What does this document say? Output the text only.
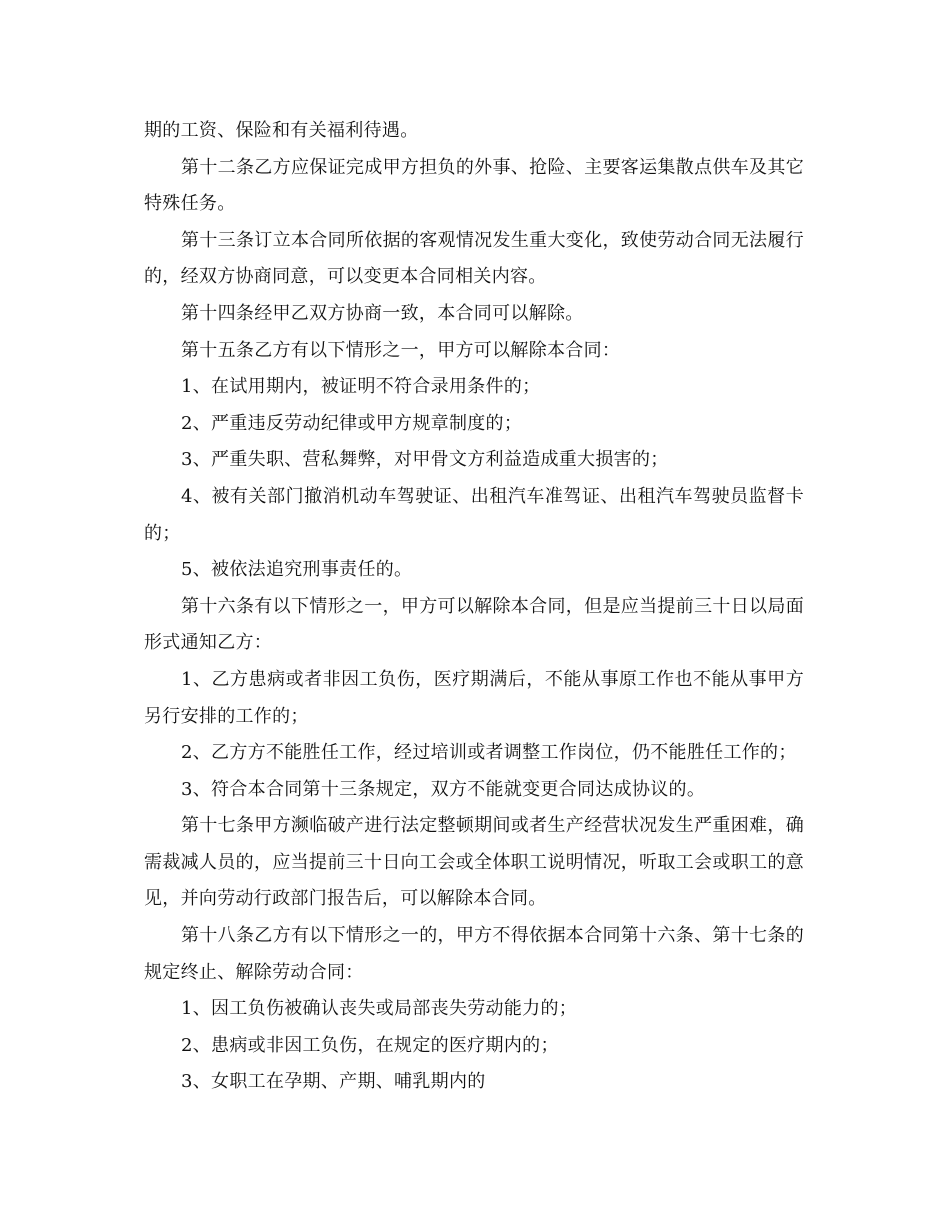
期的工资、保险和有关福利待遇。

第十二条乙方应保证完成甲方担负的外事、抢险、主要客运集散点供车及其它特殊任务。

第十三条订立本合同所依据的客观情况发生重大变化，致使劳动合同无法履行的，经双方协商同意，可以变更本合同相关内容。

第十四条经甲乙双方协商一致，本合同可以解除。

第十五条乙方有以下情形之一，甲方可以解除本合同：

1、在试用期内，被证明不符合录用条件的；

2、严重违反劳动纪律或甲方规章制度的；

3、严重失职、营私舞弊，对甲骨文方利益造成重大损害的；

4、被有关部门撤消机动车驾驶证、出租汽车准驾证、出租汽车驾驶员监督卡的；

5、被依法追究刑事责任的。

第十六条有以下情形之一，甲方可以解除本合同，但是应当提前三十日以局面形式通知乙方：

1、乙方患病或者非因工负伤，医疗期满后，不能从事原工作也不能从事甲方另行安排的工作的；

2、乙方方不能胜任工作，经过培训或者调整工作岗位，仍不能胜任工作的；

3、符合本合同第十三条规定，双方不能就变更合同达成协议的。

第十七条甲方濒临破产进行法定整顿期间或者生产经营状况发生严重困难，确需裁减人员的，应当提前三十日向工会或全体职工说明情况，听取工会或职工的意见，并向劳动行政部门报告后，可以解除本合同。

第十八条乙方有以下情形之一的，甲方不得依据本合同第十六条、第十七条的规定终止、解除劳动合同：

1、因工负伤被确认丧失或局部丧失劳动能力的；

2、患病或非因工负伤，在规定的医疗期内的；

3、女职工在孕期、产期、哺乳期内的
